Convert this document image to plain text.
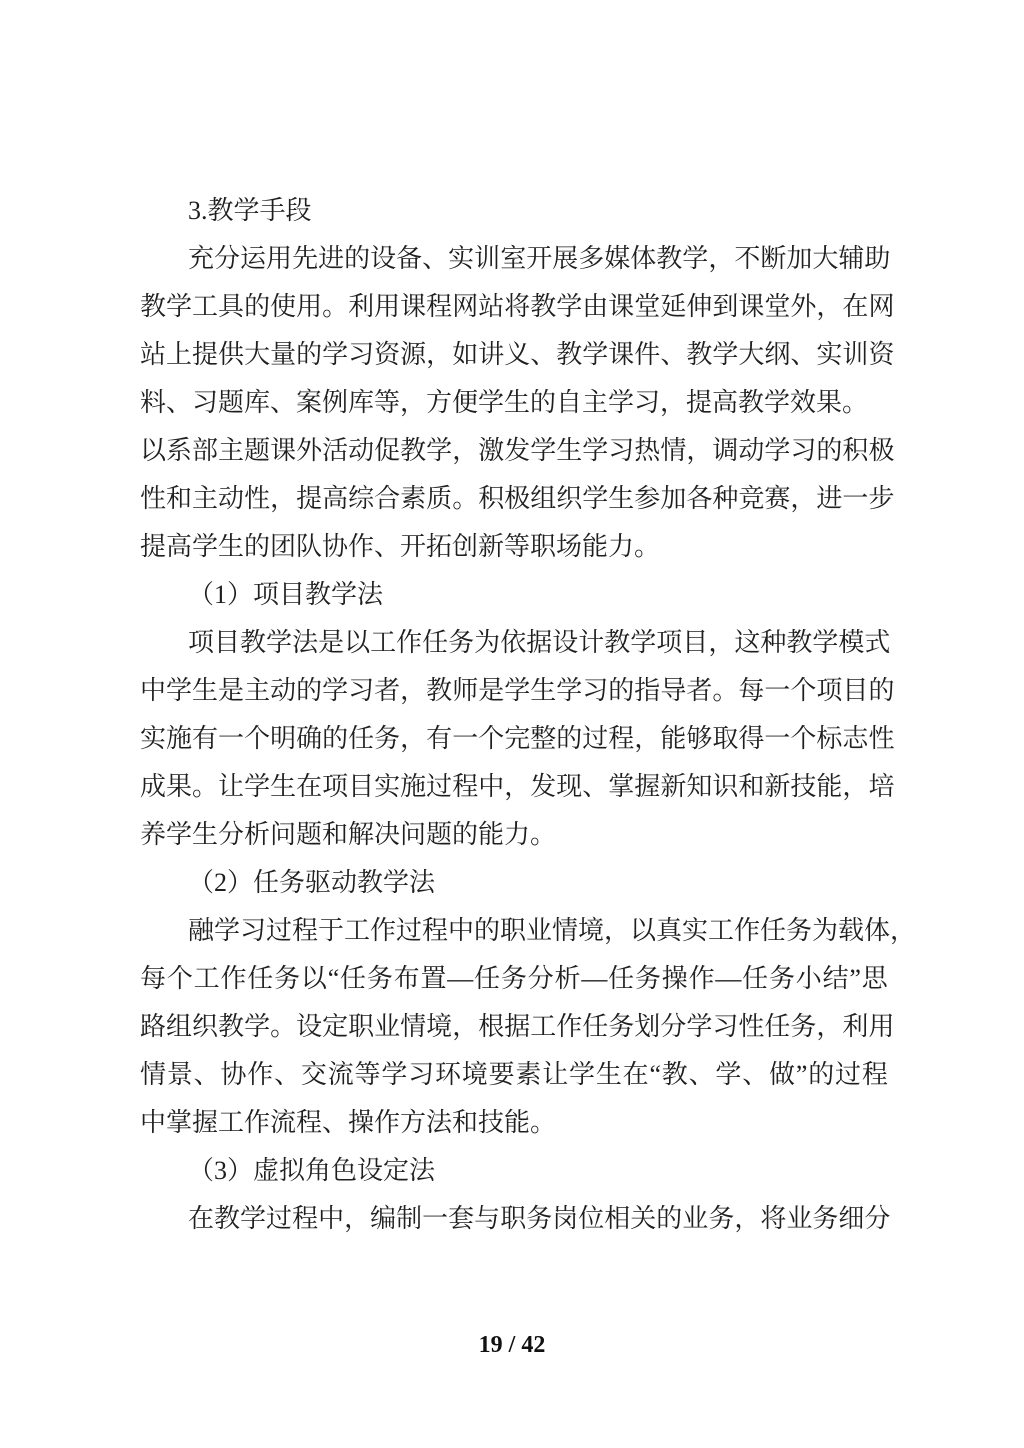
3.教学手段
充 分 运 用 先 进 的 设 备 、 实 训 室 开 展 多 媒 体 教 学 ， 不 断 加 大 辅 助
教 学 工 具 的 使 用 。 利 用 课 程 网 站 将 教 学 由 课 堂 延 伸 到 课 堂 外 ， 在 网
站 上 提 供 大 量 的 学 习 资 源 ， 如 讲 义 、 教 学 课 件 、 教 学 大 纲 、 实 训 资
料、习题库、案例库等，方便学生的自主学习，提高教学效果。
以 系 部 主 题 课 外 活 动 促 教 学 ， 激 发 学 生 学 习 热 情 ， 调 动 学 习 的 积 极
性 和 主 动 性 ， 提 高 综 合 素 质 。 积 极 组 织 学 生 参 加 各 种 竞 赛 ， 进 一 步
提高学生的团队协作、开拓创新等职场能力。
（1）项目教学法
项 目 教 学 法 是 以 工 作 任 务 为 依 据 设 计 教 学 项 目 ， 这 种 教 学 模 式
中 学 生 是 主 动 的 学 习 者 ， 教 师 是 学 生 学 习 的 指 导 者 。 每 一 个 项 目 的
实 施 有 一 个 明 确 的 任 务 ， 有 一 个 完 整 的 过 程 ， 能 够 取 得 一 个 标 志 性
成 果 。 让 学 生 在 项 目 实 施 过 程 中 ， 发 现 、 掌 握 新 知 识 和 新 技 能 ， 培
养学生分析问题和解决问题的能力。
（2）任务驱动教学法
融学习过程于工作过程中的职业情境，以真实工作任务为载体，
每 个 工 作 任 务 以 “ 任 务 布 置 — 任 务 分 析 — 任 务 操 作 — 任 务 小 结 ” 思
路 组 织 教 学 。 设 定 职 业 情 境 ， 根 据 工 作 任 务 划 分 学 习 性 任 务 ， 利 用
情 景 、 协 作 、 交 流 等 学 习 环 境 要 素 让 学 生 在 “ 教 、 学 、 做 ” 的 过 程
中掌握工作流程、操作方法和技能。
（3）虚拟角色设定法
在 教 学 过 程 中 ， 编 制 一 套 与 职 务 岗 位 相 关 的 业 务 ， 将 业 务 细 分
19 / 42
